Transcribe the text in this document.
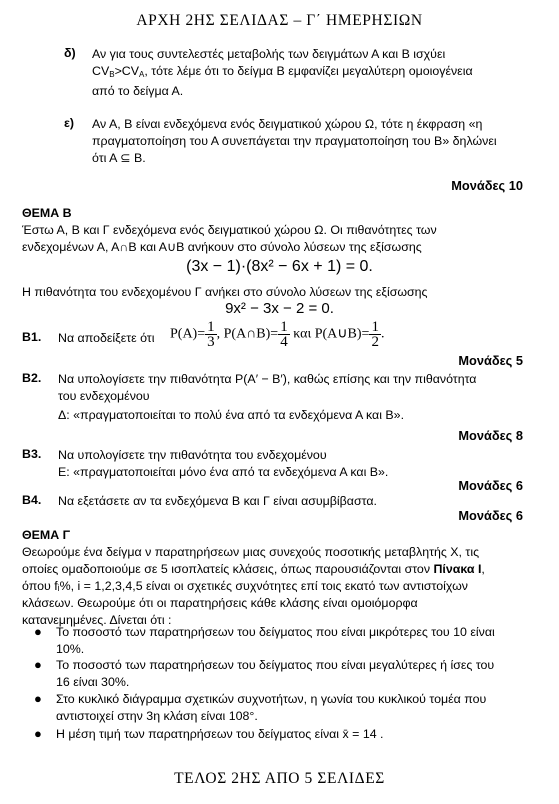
ΑΡΧΗ 2ΗΣ ΣΕΛΙΔΑΣ – Γ΄ ΗΜΕΡΗΣΙΩΝ
δ) Αν για τους συντελεστές μεταβολής των δειγμάτων Α και Β ισχύει
$CV_B>CV_A$, τότε λέμε ότι το δείγμα Β εμφανίζει μεγαλύτερη ομοιογένεια
από το δείγμα Α.
ε) Αν Α, Β είναι ενδεχόμενα ενός δειγματικού χώρου Ω, τότε η έκφραση «η
πραγματοποίηση του Α συνεπάγεται την πραγματοποίηση του Β» δηλώνει
ότι Α ⊆ Β.
Μονάδες 10
ΘΕΜΑ Β
Έστω Α, Β και Γ ενδεχόμενα ενός δειγματικού χώρου Ω. Οι πιθανότητες των
ενδεχομένων Α, Α∩Β και Α∪Β ανήκουν στο σύνολο λύσεων της εξίσωσης
(3x − 1)·(8x² − 6x + 1) = 0.
Η πιθανότητα του ενδεχομένου Γ ανήκει στο σύνολο λύσεων της εξίσωσης
9x² − 3x − 2 = 0.
Β1. Να αποδείξετε ότι $P(A)= \frac{1}{3}$ , P(A∩B)= $\frac{1}{4}$ και P(A∪B)= $\frac{1}{2}$ .
Μονάδες 5
Β2. Να υπολογίσετε την πιθανότητα P(Α′ − Β′), καθώς επίσης και την πιθανότητα
του ενδεχομένου
Δ: «πραγματοποιείται το πολύ ένα από τα ενδεχόμενα Α και Β».
Μονάδες 8
Β3. Να υπολογίσετε την πιθανότητα του ενδεχομένου
Ε: «πραγματοποιείται μόνο ένα από τα ενδεχόμενα Α και Β».
Μονάδες 6
Β4. Να εξετάσετε αν τα ενδεχόμενα Β και Γ είναι ασυμβίβαστα.
Μονάδες 6
ΘΕΜΑ Γ
Θεωρούμε ένα δείγμα ν παρατηρήσεων μιας συνεχούς ποσοτικής μεταβλητής Χ, τις
οποίες ομαδοποιούμε σε 5 ισοπλατείς κλάσεις, όπως παρουσιάζονται στον Πίνακα Ι,
όπου fᵢ%, i = 1,2,3,4,5 είναι οι σχετικές συχνότητες επί τοις εκατό των αντιστοίχων
κλάσεων. Θεωρούμε ότι οι παρατηρήσεις κάθε κλάσης είναι ομοιόμορφα
κατανεμημένες. Δίνεται ότι :
● Το ποσοστό των παρατηρήσεων του δείγματος που είναι μικρότερες του 10 είναι
10%.
● Το ποσοστό των παρατηρήσεων του δείγματος που είναι μεγαλύτερες ή ίσες του
16 είναι 30%.
● Στο κυκλικό διάγραμμα σχετικών συχνοτήτων, η γωνία του κυκλικού τομέα που
αντιστοιχεί στην 3η κλάση είναι 108°.
● Η μέση τιμή των παρατηρήσεων του δείγματος είναι x̄ = 14 .
ΤΕΛΟΣ 2ΗΣ ΑΠΟ 5 ΣΕΛΙΔΕΣ
